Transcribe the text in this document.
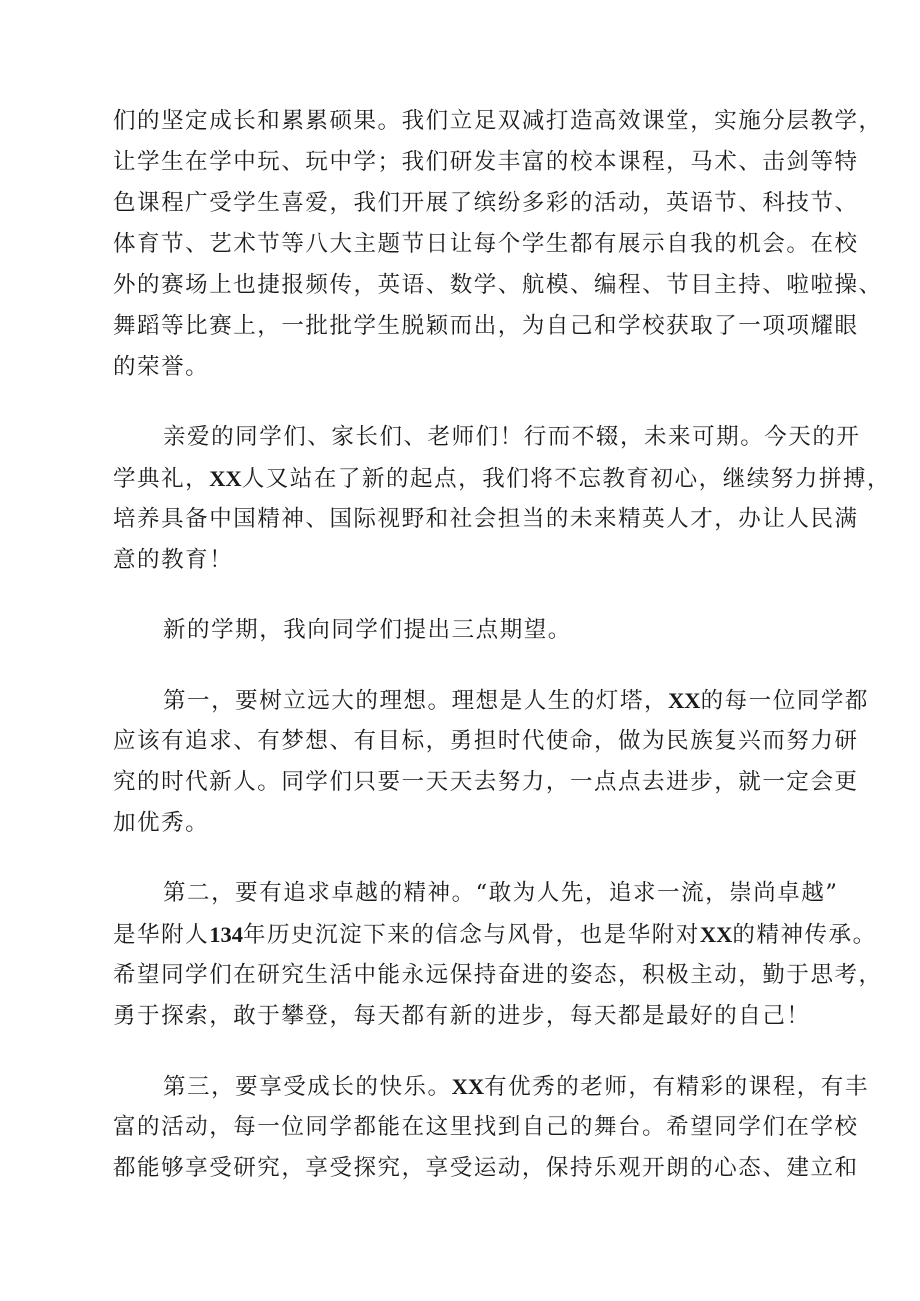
们的坚定成长和累累硕果。我们立足双减打造高效课堂，实施分层教学，
让学生在学中玩、玩中学；我们研发丰富的校本课程，马术、击剑等特
色课程广受学生喜爱，我们开展了缤纷多彩的活动，英语节、科技节、
体育节、艺术节等八大主题节日让每个学生都有展示自我的机会。在校
外的赛场上也捷报频传，英语、数学、航模、编程、节目主持、啦啦操、
舞蹈等比赛上，一批批学生脱颖而出，为自己和学校获取了一项项耀眼
的荣誉。
亲爱的同学们、家长们、老师们！行而不辍，未来可期。今天的开
学典礼，XX人又站在了新的起点，我们将不忘教育初心，继续努力拼搏，
培养具备中国精神、国际视野和社会担当的未来精英人才，办让人民满
意的教育！
新的学期，我向同学们提出三点期望。
第一，要树立远大的理想。理想是人生的灯塔，XX的每一位同学都
应该有追求、有梦想、有目标，勇担时代使命，做为民族复兴而努力研
究的时代新人。同学们只要一天天去努力，一点点去进步，就一定会更
加优秀。
第二，要有追求卓越的精神。“敢为人先，追求一流，崇尚卓越”
是华附人134年历史沉淀下来的信念与风骨，也是华附对XX的精神传承。
希望同学们在研究生活中能永远保持奋进的姿态，积极主动，勤于思考，
勇于探索，敢于攀登，每天都有新的进步，每天都是最好的自己！
第三，要享受成长的快乐。XX有优秀的老师，有精彩的课程，有丰
富的活动，每一位同学都能在这里找到自己的舞台。希望同学们在学校
都能够享受研究，享受探究，享受运动，保持乐观开朗的心态、建立和
